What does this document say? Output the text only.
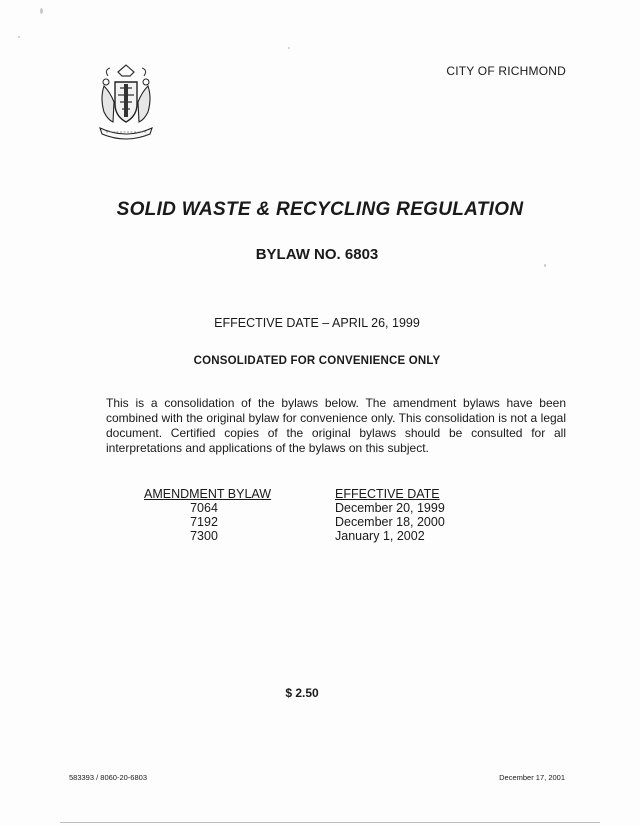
CITY OF RICHMOND
SOLID WASTE & RECYCLING REGULATION
BYLAW NO. 6803
EFFECTIVE DATE – APRIL 26, 1999
CONSOLIDATED FOR CONVENIENCE ONLY
This is a consolidation of the bylaws below. The amendment bylaws have been combined with the original bylaw for convenience only. This consolidation is not a legal document. Certified copies of the original bylaws should be consulted for all interpretations and applications of the bylaws on this subject.
AMENDMENT BYLAW	EFFECTIVE DATE
7064
7192
7300
December 20, 1999
December 18, 2000
January 1, 2002
$ 2.50
583393 / 8060-20-6803	December 17, 2001
